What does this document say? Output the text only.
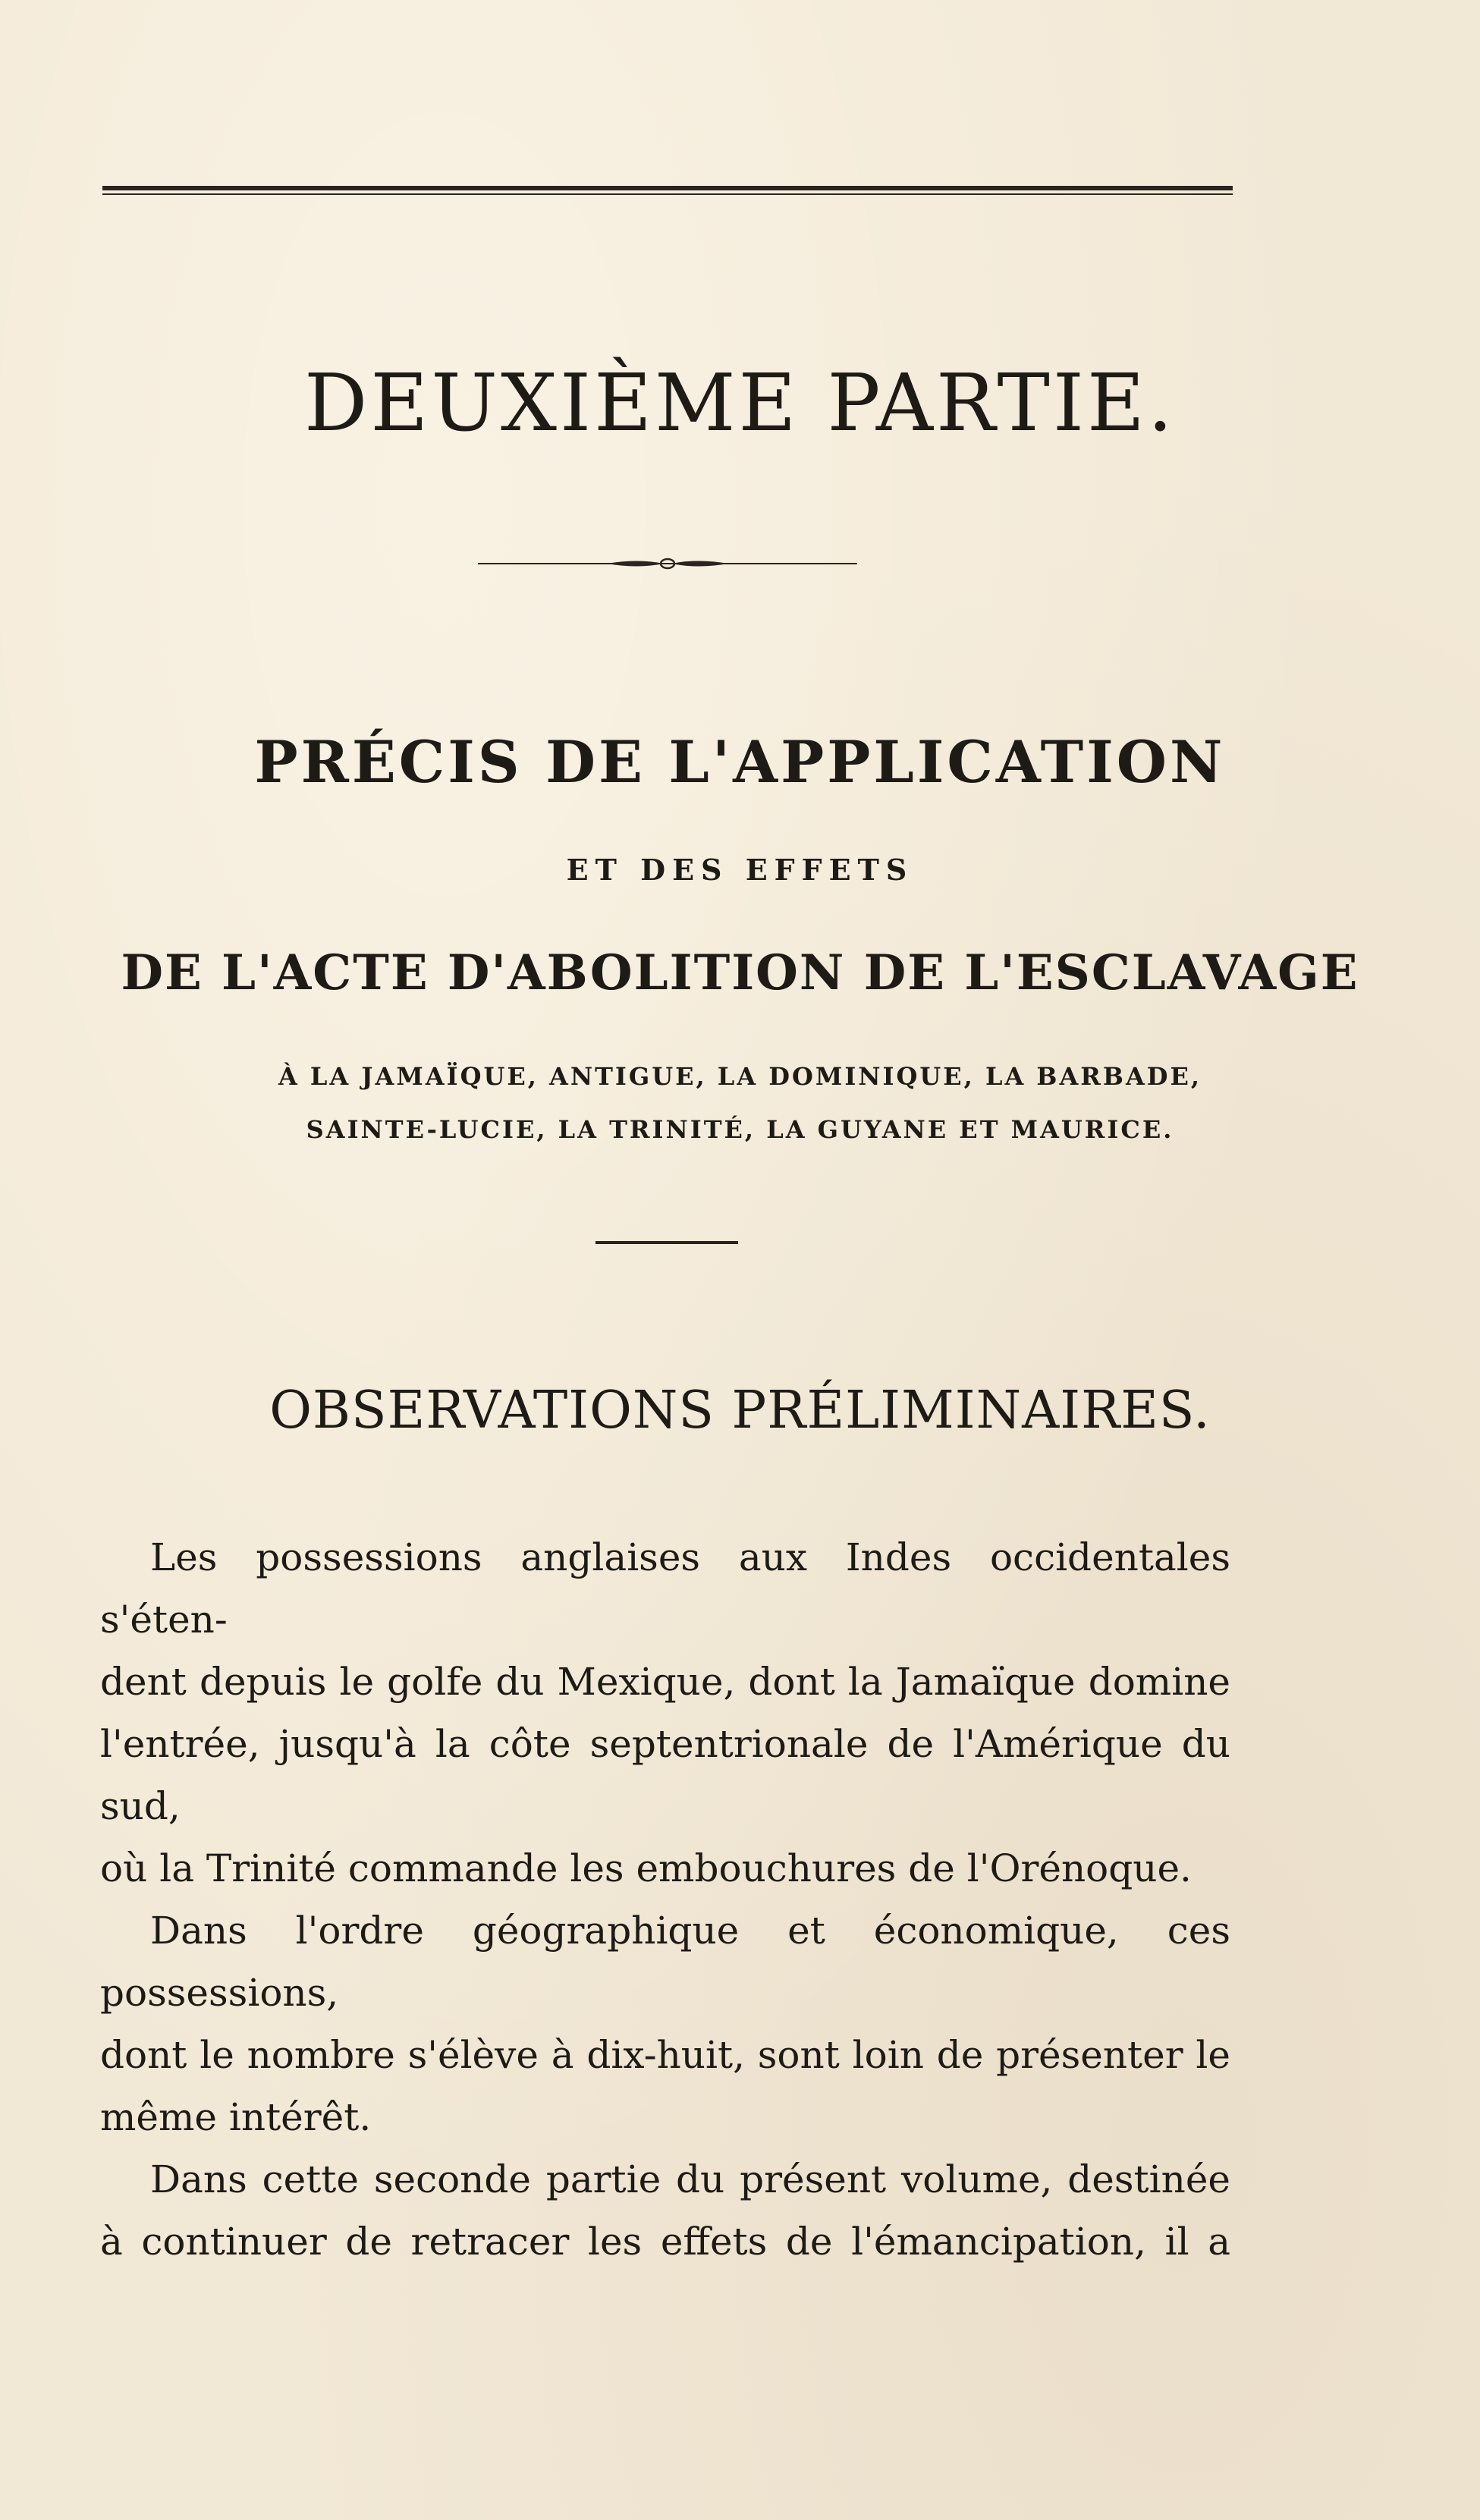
DEUXIÈME PARTIE.
PRÉCIS DE L'APPLICATION
ET DES EFFETS
DE L'ACTE D'ABOLITION DE L'ESCLAVAGE
À LA JAMAÏQUE, ANTIGUE, LA DOMINIQUE, LA BARBADE,
SAINTE-LUCIE, LA TRINITÉ, LA GUYANE ET MAURICE.
OBSERVATIONS PRÉLIMINAIRES.
Les possessions anglaises aux Indes occidentales s'éten-
dent depuis le golfe du Mexique, dont la Jamaïque domine
l'entrée, jusqu'à la côte septentrionale de l'Amérique du sud,
où la Trinité commande les embouchures de l'Orénoque.
Dans l'ordre géographique et économique, ces possessions,
dont le nombre s'élève à dix-huit, sont loin de présenter le
même intérêt.
Dans cette seconde partie du présent volume, destinée
à continuer de retracer les effets de l'émancipation, il a
